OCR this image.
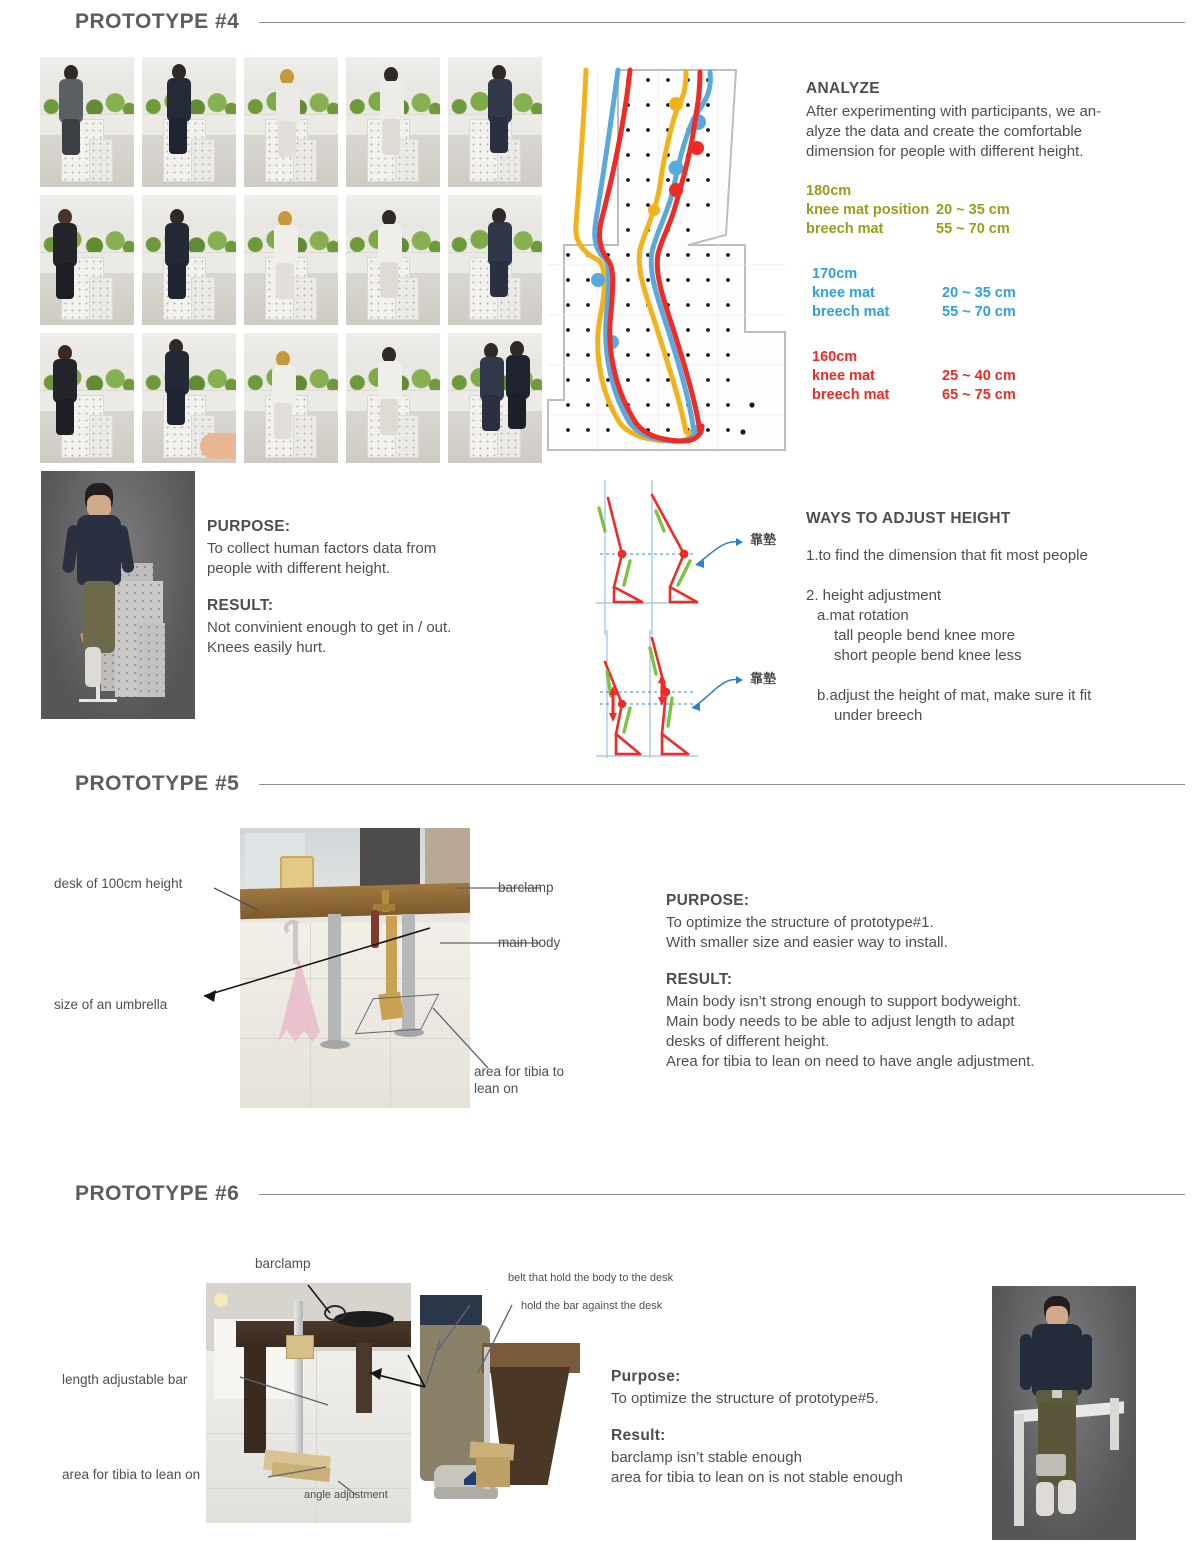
PROTOTYPE #4
ANALYZE
After experimenting with participants, we an-
alyze the data and create the comfortable
dimension for people with different height.
180cm
knee mat position 20 ~ 35 cm
breech mat	55 ~ 70 cm
170cm
knee mat	20 ~ 35 cm
breech mat	55 ~ 70 cm
160cm
knee mat	25 ~ 40 cm
breech mat	65 ~ 75 cm
PURPOSE:
To collect human factors data from
people with different height.
RESULT:
Not convinient enough to get in / out.
Knees easily hurt.
靠墊
靠墊
WAYS TO ADJUST HEIGHT
1.to find the dimension that fit most people

2. height adjustment
a.mat rotation
tall people bend knee more
short people bend knee less

b.adjust the height of mat, make sure it fit
under breech
PROTOTYPE #5
desk of 100cm height
size of an umbrella
barclamp
main body
area for tibia to
lean on
PURPOSE:
To optimize the structure of prototype#1.
With smaller size and easier way to install.
RESULT:
Main body isn’t strong enough to support bodyweight.
Main body needs to be able to adjust length to adapt
desks of different height.
Area for tibia to lean on need to have angle adjustment.
PROTOTYPE #6
barclamp
length adjustable bar
area for tibia to lean on
angle adjustment
belt that hold the body to the desk
hold the bar against the desk
Purpose:
To optimize the structure of prototype#5.
Result:
barclamp isn’t stable enough
area for tibia to lean on is not stable enough
